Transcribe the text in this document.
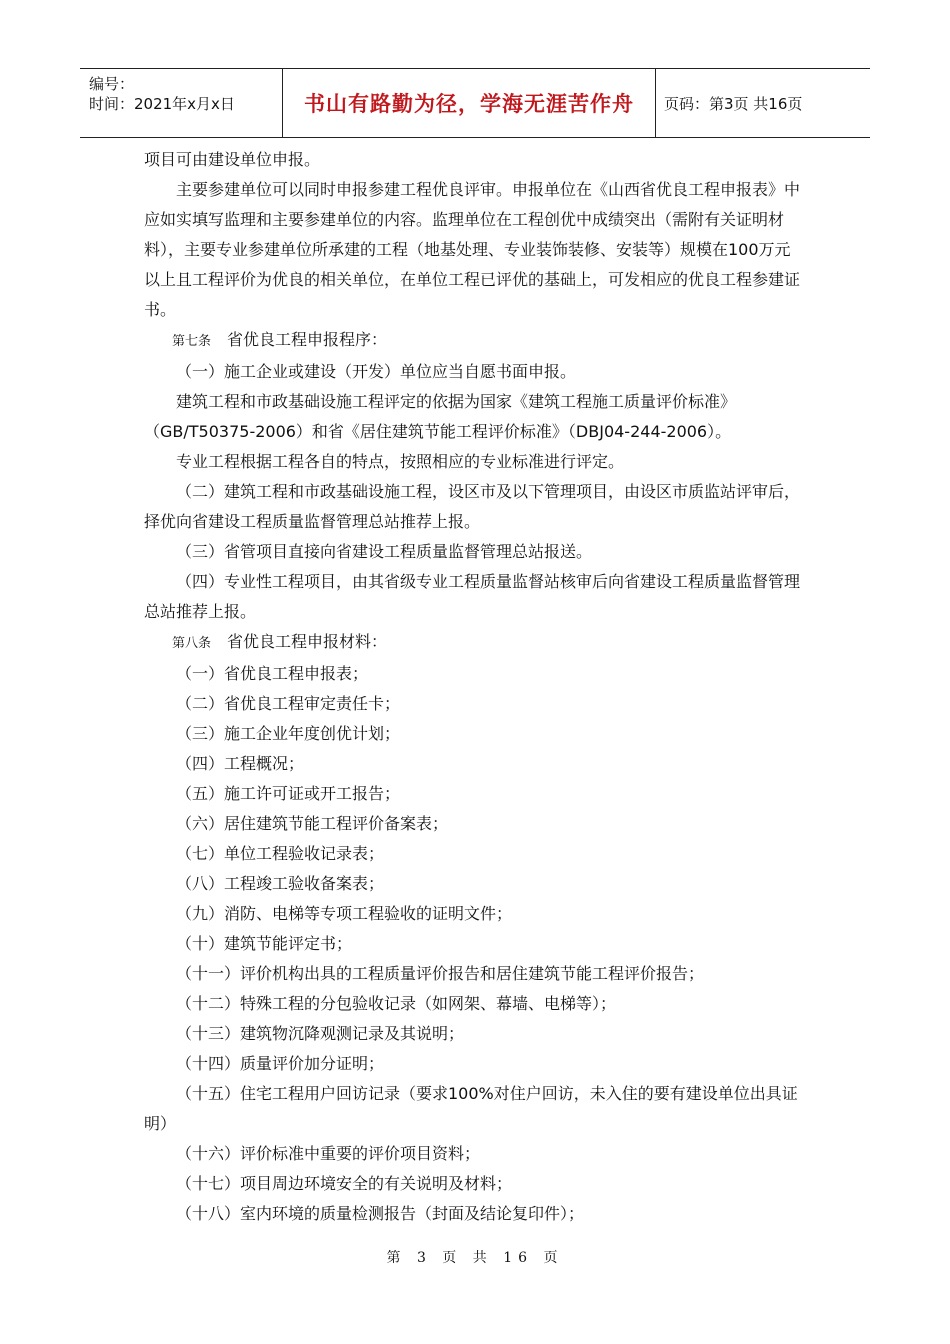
编号：
时间：2021年x月x日	书山有路勤为径，学海无涯苦作舟 页码：第3页 共16页

项目可由建设单位申报。

主要参建单位可以同时申报参建工程优良评审。申报单位在《山西省优良工程申报表》中应如实填写监理和主要参建单位的内容。监理单位在工程创优中成绩突出（需附有关证明材料），主要专业参建单位所承建的工程（地基处理、专业装饰装修、安装等）规模在100万元以上且工程评价为优良的相关单位，在单位工程已评优的基础上，可发相应的优良工程参建证书。

第七条 省优良工程申报程序：

（一）施工企业或建设（开发）单位应当自愿书面申报。

建筑工程和市政基础设施工程评定的依据为国家《建筑工程施工质量评价标准》（GB/T50375-2006）和省《居住建筑节能工程评价标准》（DBJ04-244-2006）。

专业工程根据工程各自的特点，按照相应的专业标准进行评定。

（二）建筑工程和市政基础设施工程，设区市及以下管理项目，由设区市质监站评审后，择优向省建设工程质量监督管理总站推荐上报。

（三）省管项目直接向省建设工程质量监督管理总站报送。

（四）专业性工程项目，由其省级专业工程质量监督站核审后向省建设工程质量监督管理总站推荐上报。

第八条 省优良工程申报材料：

（一）省优良工程申报表；

（二）省优良工程审定责任卡；

（三）施工企业年度创优计划；

（四）工程概况；

（五）施工许可证或开工报告；

（六）居住建筑节能工程评价备案表；

（七）单位工程验收记录表；

（八）工程竣工验收备案表；

（九）消防、电梯等专项工程验收的证明文件；

（十）建筑节能评定书；

（十一）评价机构出具的工程质量评价报告和居住建筑节能工程评价报告；

（十二）特殊工程的分包验收记录（如网架、幕墙、电梯等）；

（十三）建筑物沉降观测记录及其说明；

（十四）质量评价加分证明；

（十五）住宅工程用户回访记录（要求100%对住户回访，未入住的要有建设单位出具证明）

（十六）评价标准中重要的评价项目资料；

（十七）项目周边环境安全的有关说明及材料；

（十八）室内环境的质量检测报告（封面及结论复印件）；

第 3 页 共 16 页
